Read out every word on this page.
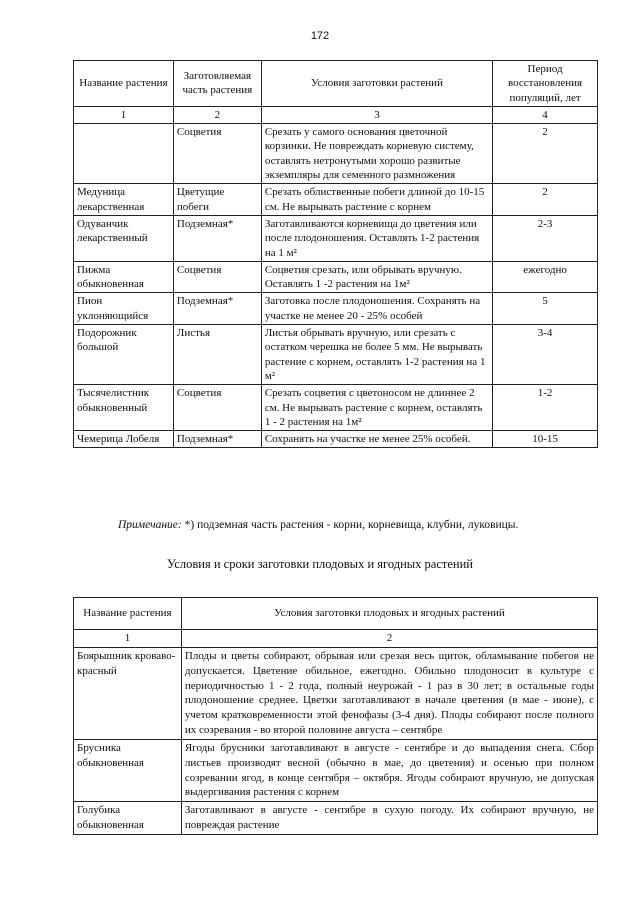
172
Название растения	Заготовляемая часть растения	Условия заготовки растений	Период восстановления популяций, лет
1	2	3	4
	Соцветия	Срезать у самого основания цветочной корзинки. Не повреждать корневую систему, оставлять нетронутыми хорошо развитые экземпляры для семенного размножения	2
Медуница лекарственная	Цветущие побеги	Срезать облиственные побеги длиной до 10-15 см. Не вырывать растение с корнем	2
Одуванчик лекарственный	Подземная*	Заготавливаются корневища до цветения или после плодоношения. Оставлять 1-2 растения на 1 м²	2-3
Пижма обыкновенная	Соцветия	Соцветия срезать, или обрывать вручную. Оставлять 1 -2 растения на 1м²	ежегодно
Пион уклоняющийся	Подземная*	Заготовка после плодоношения. Сохранять на участке не менее 20 - 25% особей	5
Подорожник большой	Листья	Листья обрывать вручную, или срезать с остатком черешка не более 5 мм. Не вырывать растение с корнем, оставлять 1-2 растения на 1 м²	3-4
Тысячелистник обыкновенный	Соцветия	Срезать соцветия с цветоносом не длиннее 2 см. Не вырывать растение с корнем, оставлять 1 - 2 растения на 1м²	1-2
Чемерица Лобеля	Подземная*	Сохранять на участке не менее 25% особей.	10-15
Примечание: *) подземная часть растения - корни, корневища, клубни, луковицы.
Условия и сроки заготовки плодовых и ягодных растений
Название растения	Условия заготовки плодовых и ягодных растений
1	2
Боярышник кроваво-красный	Плоды и цветы собирают, обрывая или срезая весь щиток, обламывание побегов не допускается. Цветение обильное, ежегодно. Обильно плодоносит в культуре с периодичностью 1 - 2 года, полный неурожай - 1 раз в 30 лет; в остальные годы плодоношение среднее. Цветки заготавливают в начале цветения (в мае - июне), с учетом кратковременности этой фенофазы (3-4 дня). Плоды собирают после полного их созревания - во второй половине августа – сентябре
Брусника обыкновенная	Ягоды брусники заготавливают в августе - сентябре и до выпадения снега. Сбор листьев производят весной (обычно в мае, до цветения) и осенью при полном созревании ягод, в конце сентября – октября. Ягоды собирают вручную, не допуская выдергивания растения с корнем
Голубика обыкновенная	Заготавливают в августе - сентябре в сухую погоду. Их собирают вручную, не повреждая растение
